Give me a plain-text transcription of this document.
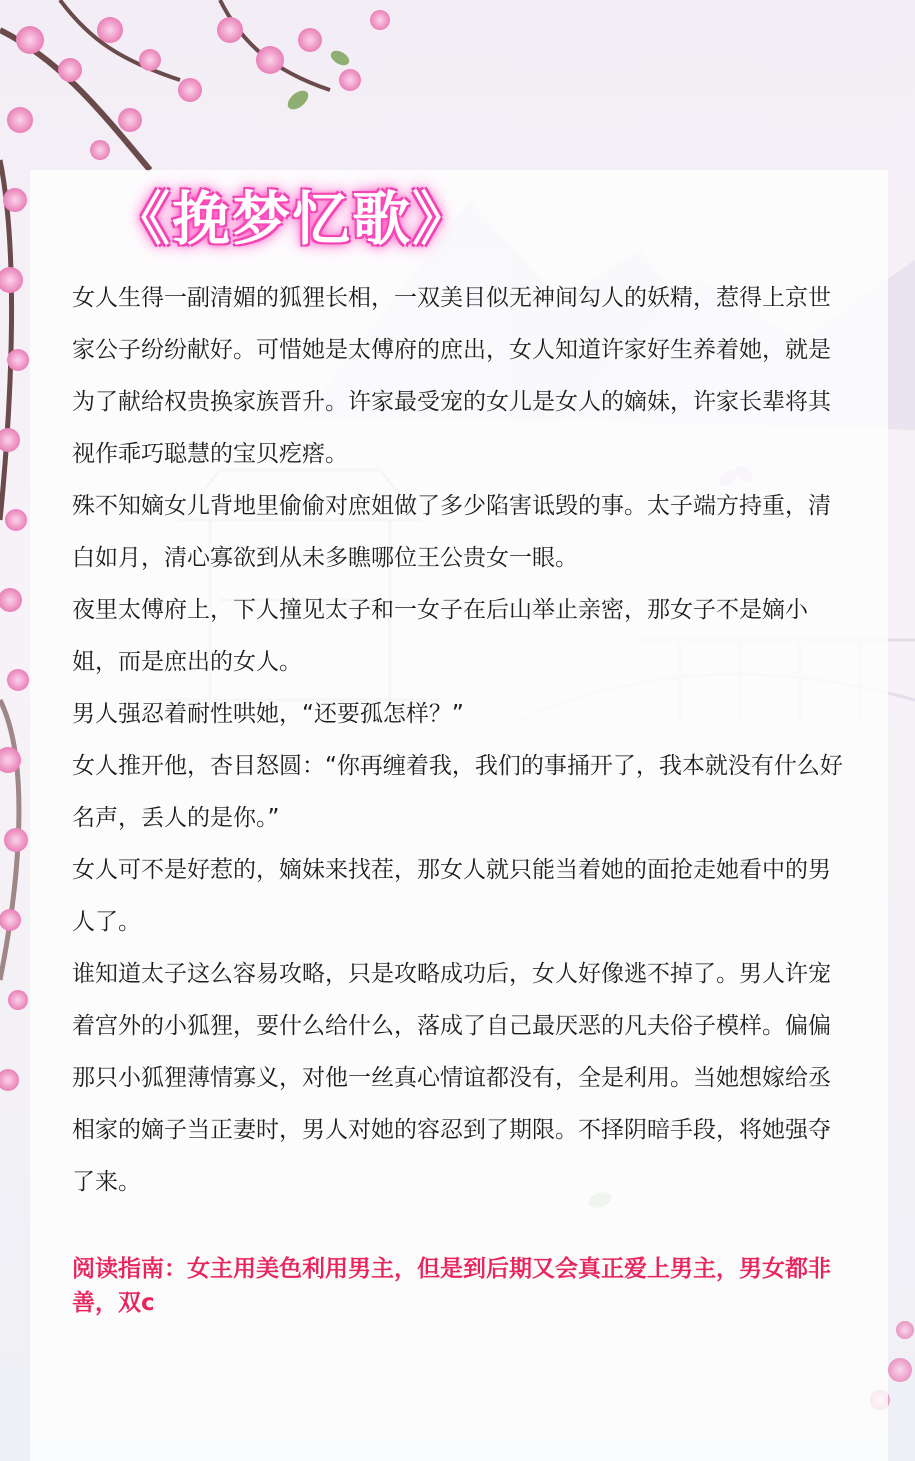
《挽梦忆歌》

女人生得一副清媚的狐狸长相，一双美目似无神间勾人的妖精，惹得上京世家公子纷纷献好。可惜她是太傅府的庶出，女人知道许家好生养着她，就是为了献给权贵换家族晋升。许家最受宠的女儿是女人的嫡妹，许家长辈将其视作乖巧聪慧的宝贝疙瘩。

殊不知嫡女儿背地里偷偷对庶姐做了多少陷害诋毁的事。太子端方持重，清白如月，清心寡欲到从未多瞧哪位王公贵女一眼。

夜里太傅府上，下人撞见太子和一女子在后山举止亲密，那女子不是嫡小姐，而是庶出的女人。

男人强忍着耐性哄她，“还要孤怎样？”

女人推开他，杏目怒圆：“你再缠着我，我们的事捅开了，我本就没有什么好名声，丢人的是你。”

女人可不是好惹的，嫡妹来找茬，那女人就只能当着她的面抢走她看中的男人了。

谁知道太子这么容易攻略，只是攻略成功后，女人好像逃不掉了。男人许宠着宫外的小狐狸，要什么给什么，落成了自己最厌恶的凡夫俗子模样。偏偏那只小狐狸薄情寡义，对他一丝真心情谊都没有，全是利用。当她想嫁给丞相家的嫡子当正妻时，男人对她的容忍到了期限。不择阴暗手段，将她强夺了来。

阅读指南：女主用美色利用男主，但是到后期又会真正爱上男主，男女都非善，双c
